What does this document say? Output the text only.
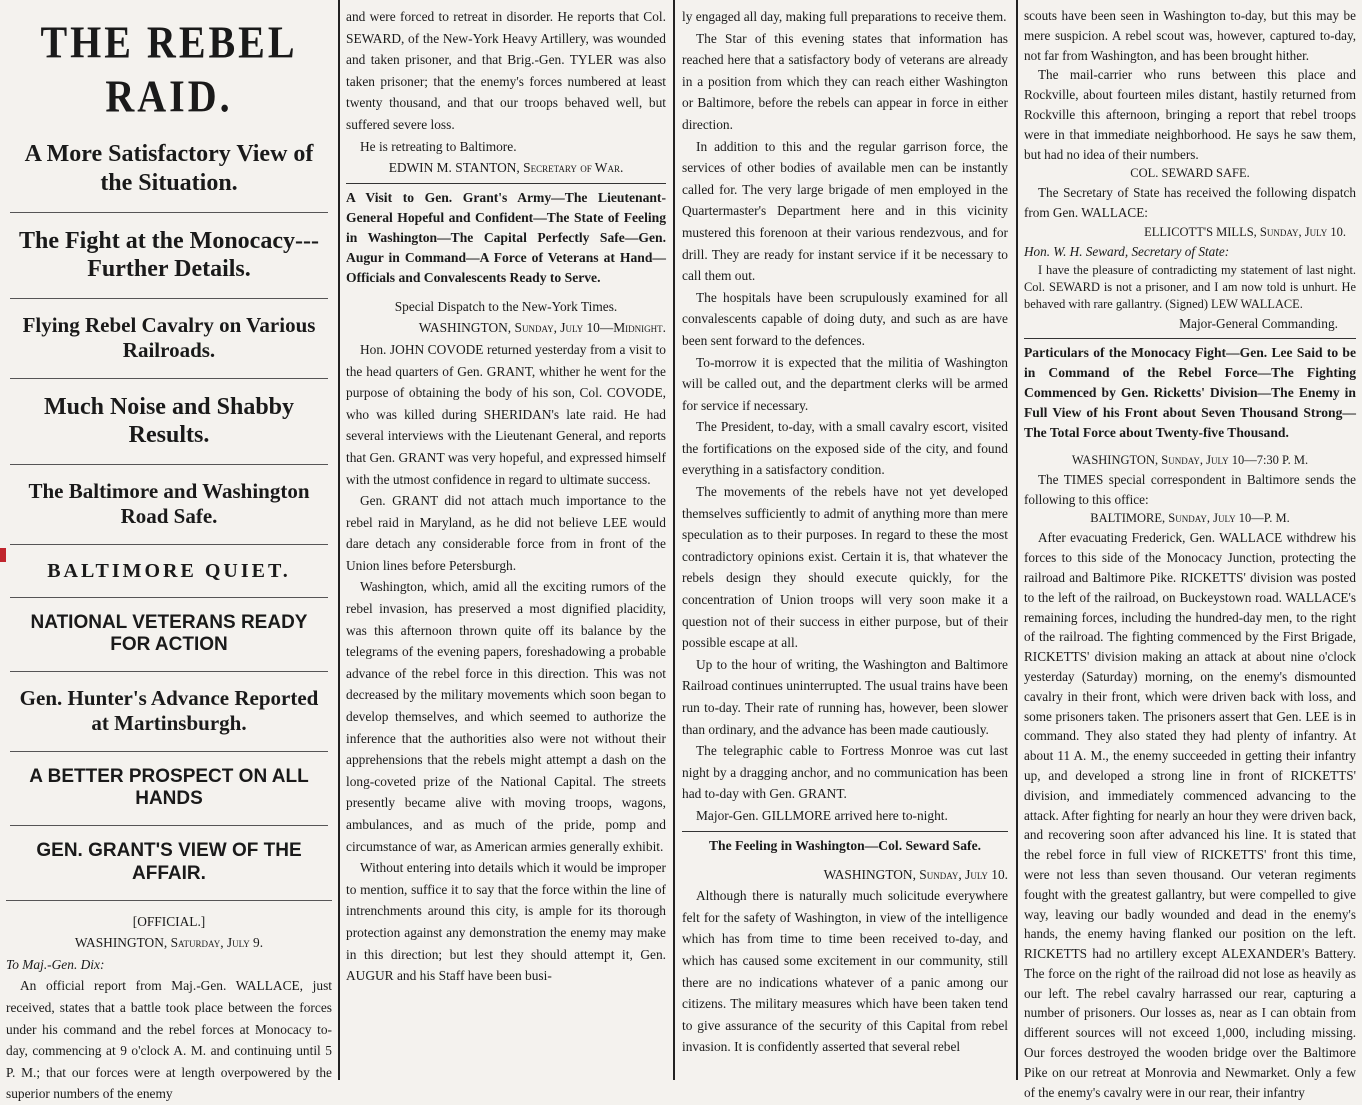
THE REBEL RAID.
A More Satisfactory View of the Situation.
The Fight at the Monocacy---Further Details.
Flying Rebel Cavalry on Various Railroads.
Much Noise and Shabby Results.
The Baltimore and Washington Road Safe.
BALTIMORE QUIET.
NATIONAL VETERANS READY FOR ACTION
Gen. Hunter's Advance Reported at Martinsburgh.
A BETTER PROSPECT ON ALL HANDS
GEN. GRANT'S VIEW OF THE AFFAIR.
[OFFICIAL.]
WASHINGTON, Saturday, July 9.

To Maj.-Gen. Dix:

An official report from Maj.-Gen. WALLACE, just received, states that a battle took place between the forces under his command and the rebel forces at Monocacy to-day, commencing at 9 o'clock A. M. and continuing until 5 P. M.; that our forces were at length overpowered by the superior numbers of the enemy

and were forced to retreat in disorder. He reports that Col. SEWARD, of the New-York Heavy Artillery, was wounded and taken prisoner, and that Brig.-Gen. TYLER was also taken prisoner; that the enemy's forces numbered at least twenty thousand, and that our troops behaved well, but suffered severe loss.

He is retreating to Baltimore.

EDWIN M. STANTON, Secretary of War.
A Visit to Gen. Grant's Army—The Lieutenant-General Hopeful and Confident—The State of Feeling in Washington—The Capital Perfectly Safe—Gen. Augur in Command—A Force of Veterans at Hand—Officials and Convalescents Ready to Serve.
Special Dispatch to the New-York Times.
WASHINGTON, Sunday, July 10—Midnight.

Hon. JOHN COVODE returned yesterday from a visit to the head quarters of Gen. GRANT, whither he went for the purpose of obtaining the body of his son, Col. COVODE, who was killed during SHERIDAN's late raid. He had several interviews with the Lieutenant General, and reports that Gen. GRANT was very hopeful, and expressed himself with the utmost confidence in regard to ultimate success.

Gen. GRANT did not attach much importance to the rebel raid in Maryland, as he did not believe LEE would dare detach any considerable force from in front of the Union lines before Petersburgh.

Washington, which, amid all the exciting rumors of the rebel invasion, has preserved a most dignified placidity, was this afternoon thrown quite off its balance by the telegrams of the evening papers, foreshadowing a probable advance of the rebel force in this direction. This was not decreased by the military movements which soon began to develop themselves, and which seemed to authorize the inference that the authorities also were not without their apprehensions that the rebels might attempt a dash on the long-coveted prize of the National Capital. The streets presently became alive with moving troops, wagons, ambulances, and as much of the pride, pomp and circumstance of war, as American armies generally exhibit.

Without entering into details which it would be improper to mention, suffice it to say that the force within the line of intrenchments around this city, is ample for its thorough protection against any demonstration the enemy may make in this direction; but lest they should attempt it, Gen. AUGUR and his Staff have been busi-

ly engaged all day, making full preparations to receive them.

The Star of this evening states that information has reached here that a satisfactory body of veterans are already in a position from which they can reach either Washington or Baltimore, before the rebels can appear in force in either direction.

In addition to this and the regular garrison force, the services of other bodies of available men can be instantly called for. The very large brigade of men employed in the Quartermaster's Department here and in this vicinity mustered this forenoon at their various rendezvous, and for drill. They are ready for instant service if it be necessary to call them out.

The hospitals have been scrupulously examined for all convalescents capable of doing duty, and such as are have been sent forward to the defences.

To-morrow it is expected that the militia of Washington will be called out, and the department clerks will be armed for service if necessary.

The President, to-day, with a small cavalry escort, visited the fortifications on the exposed side of the city, and found everything in a satisfactory condition.

The movements of the rebels have not yet developed themselves sufficiently to admit of anything more than mere speculation as to their purposes. In regard to these the most contradictory opinions exist. Certain it is, that whatever the rebels design they should execute quickly, for the concentration of Union troops will very soon make it a question not of their success in either purpose, but of their possible escape at all.

Up to the hour of writing, the Washington and Baltimore Railroad continues uninterrupted. The usual trains have been run to-day. Their rate of running has, however, been slower than ordinary, and the advance has been made cautiously.

The telegraphic cable to Fortress Monroe was cut last night by a dragging anchor, and no communication has been had to-day with Gen. GRANT.

Major-Gen. GILLMORE arrived here to-night.

The Feeling in Washington—Col. Seward Safe.
WASHINGTON, Sunday, July 10.

Although there is naturally much solicitude everywhere felt for the safety of Washington, in view of the intelligence which has from time to time been received to-day, and which has caused some excitement in our community, still there are no indications whatever of a panic among our citizens. The military measures which have been taken tend to give assurance of the security of this Capital from rebel invasion. It is confidently asserted that several rebel

scouts have been seen in Washington to-day, but this may be mere suspicion. A rebel scout was, however, captured to-day, not far from Washington, and has been brought hither.

The mail-carrier who runs between this place and Rockville, about fourteen miles distant, hastily returned from Rockville this afternoon, bringing a report that rebel troops were in that immediate neighborhood. He says he saw them, but had no idea of their numbers.

COL. SEWARD SAFE.

The Secretary of State has received the following dispatch from Gen. WALLACE:

ELLICOTT'S MILLS, Sunday, July 10.

Hon. W. H. Seward, Secretary of State:

I have the pleasure of contradicting my statement of last night. Col. SEWARD is not a prisoner, and I am now told is unhurt. He behaved with rare gallantry. (Signed) LEW WALLACE.

Major-General Commanding.
Particulars of the Monocacy Fight—Gen. Lee Said to be in Command of the Rebel Force—The Fighting Commenced by Gen. Ricketts' Division—The Enemy in Full View of his Front about Seven Thousand Strong—The Total Force about Twenty-five Thousand.
WASHINGTON, Sunday, July 10—7:30 P. M.

The TIMES special correspondent in Baltimore sends the following to this office:

BALTIMORE, Sunday, July 10—P. M.

After evacuating Frederick, Gen. WALLACE withdrew his forces to this side of the Monocacy Junction, protecting the railroad and Baltimore Pike. RICKETTS' division was posted to the left of the railroad, on Buckeystown road. WALLACE's remaining forces, including the hundred-day men, to the right of the railroad. The fighting commenced by the First Brigade, RICKETTS' division making an attack at about nine o'clock yesterday (Saturday) morning, on the enemy's dismounted cavalry in their front, which were driven back with loss, and some prisoners taken. The prisoners assert that Gen. LEE is in command. They also stated they had plenty of infantry. At about 11 A. M., the enemy succeeded in getting their infantry up, and developed a strong line in front of RICKETTS' division, and immediately commenced advancing to the attack. After fighting for nearly an hour they were driven back, and recovering soon after advanced his line. It is stated that the rebel force in full view of RICKETTS' front this time, were not less than seven thousand. Our veteran regiments fought with the greatest gallantry, but were compelled to give way, leaving our badly wounded and dead in the enemy's hands, the enemy having flanked our position on the left. RICKETTS had no artillery except ALEXANDER's Battery. The force on the right of the railroad did not lose as heavily as our left. The rebel cavalry harrassed our rear, capturing a number of prisoners. Our losses as, near as I can obtain from different sources will not exceed 1,000, including missing. Our forces destroyed the wooden bridge over the Baltimore Pike on our retreat at Monrovia and Newmarket. Only a few of the enemy's cavalry were in our rear, their infantry
